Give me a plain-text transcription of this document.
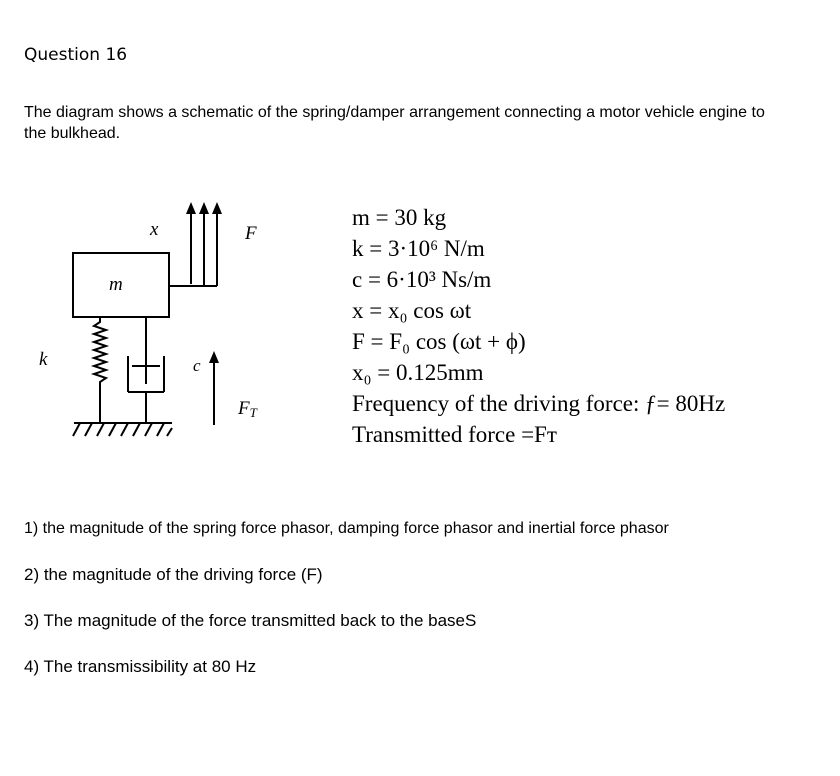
Question 16
The diagram shows a schematic of the spring/damper arrangement connecting a motor vehicle engine to the bulkhead.
x	F
m
k	c
$F_T$
m = 30 kg
k = 3·10⁶ N/m
c = 6·10³ Ns/m
x = x₀ cos ωt
F = F₀ cos (ωt + ϕ)
x₀ = 0.125mm
Frequency of the driving force: ƒ= 80Hz
Transmitted force =Fᴛ
1) the magnitude of the spring force phasor, damping force phasor and inertial force phasor
2) the magnitude of the driving force (F)
3) The magnitude of the force transmitted back to the baseS
4) The transmissibility at 80 Hz
